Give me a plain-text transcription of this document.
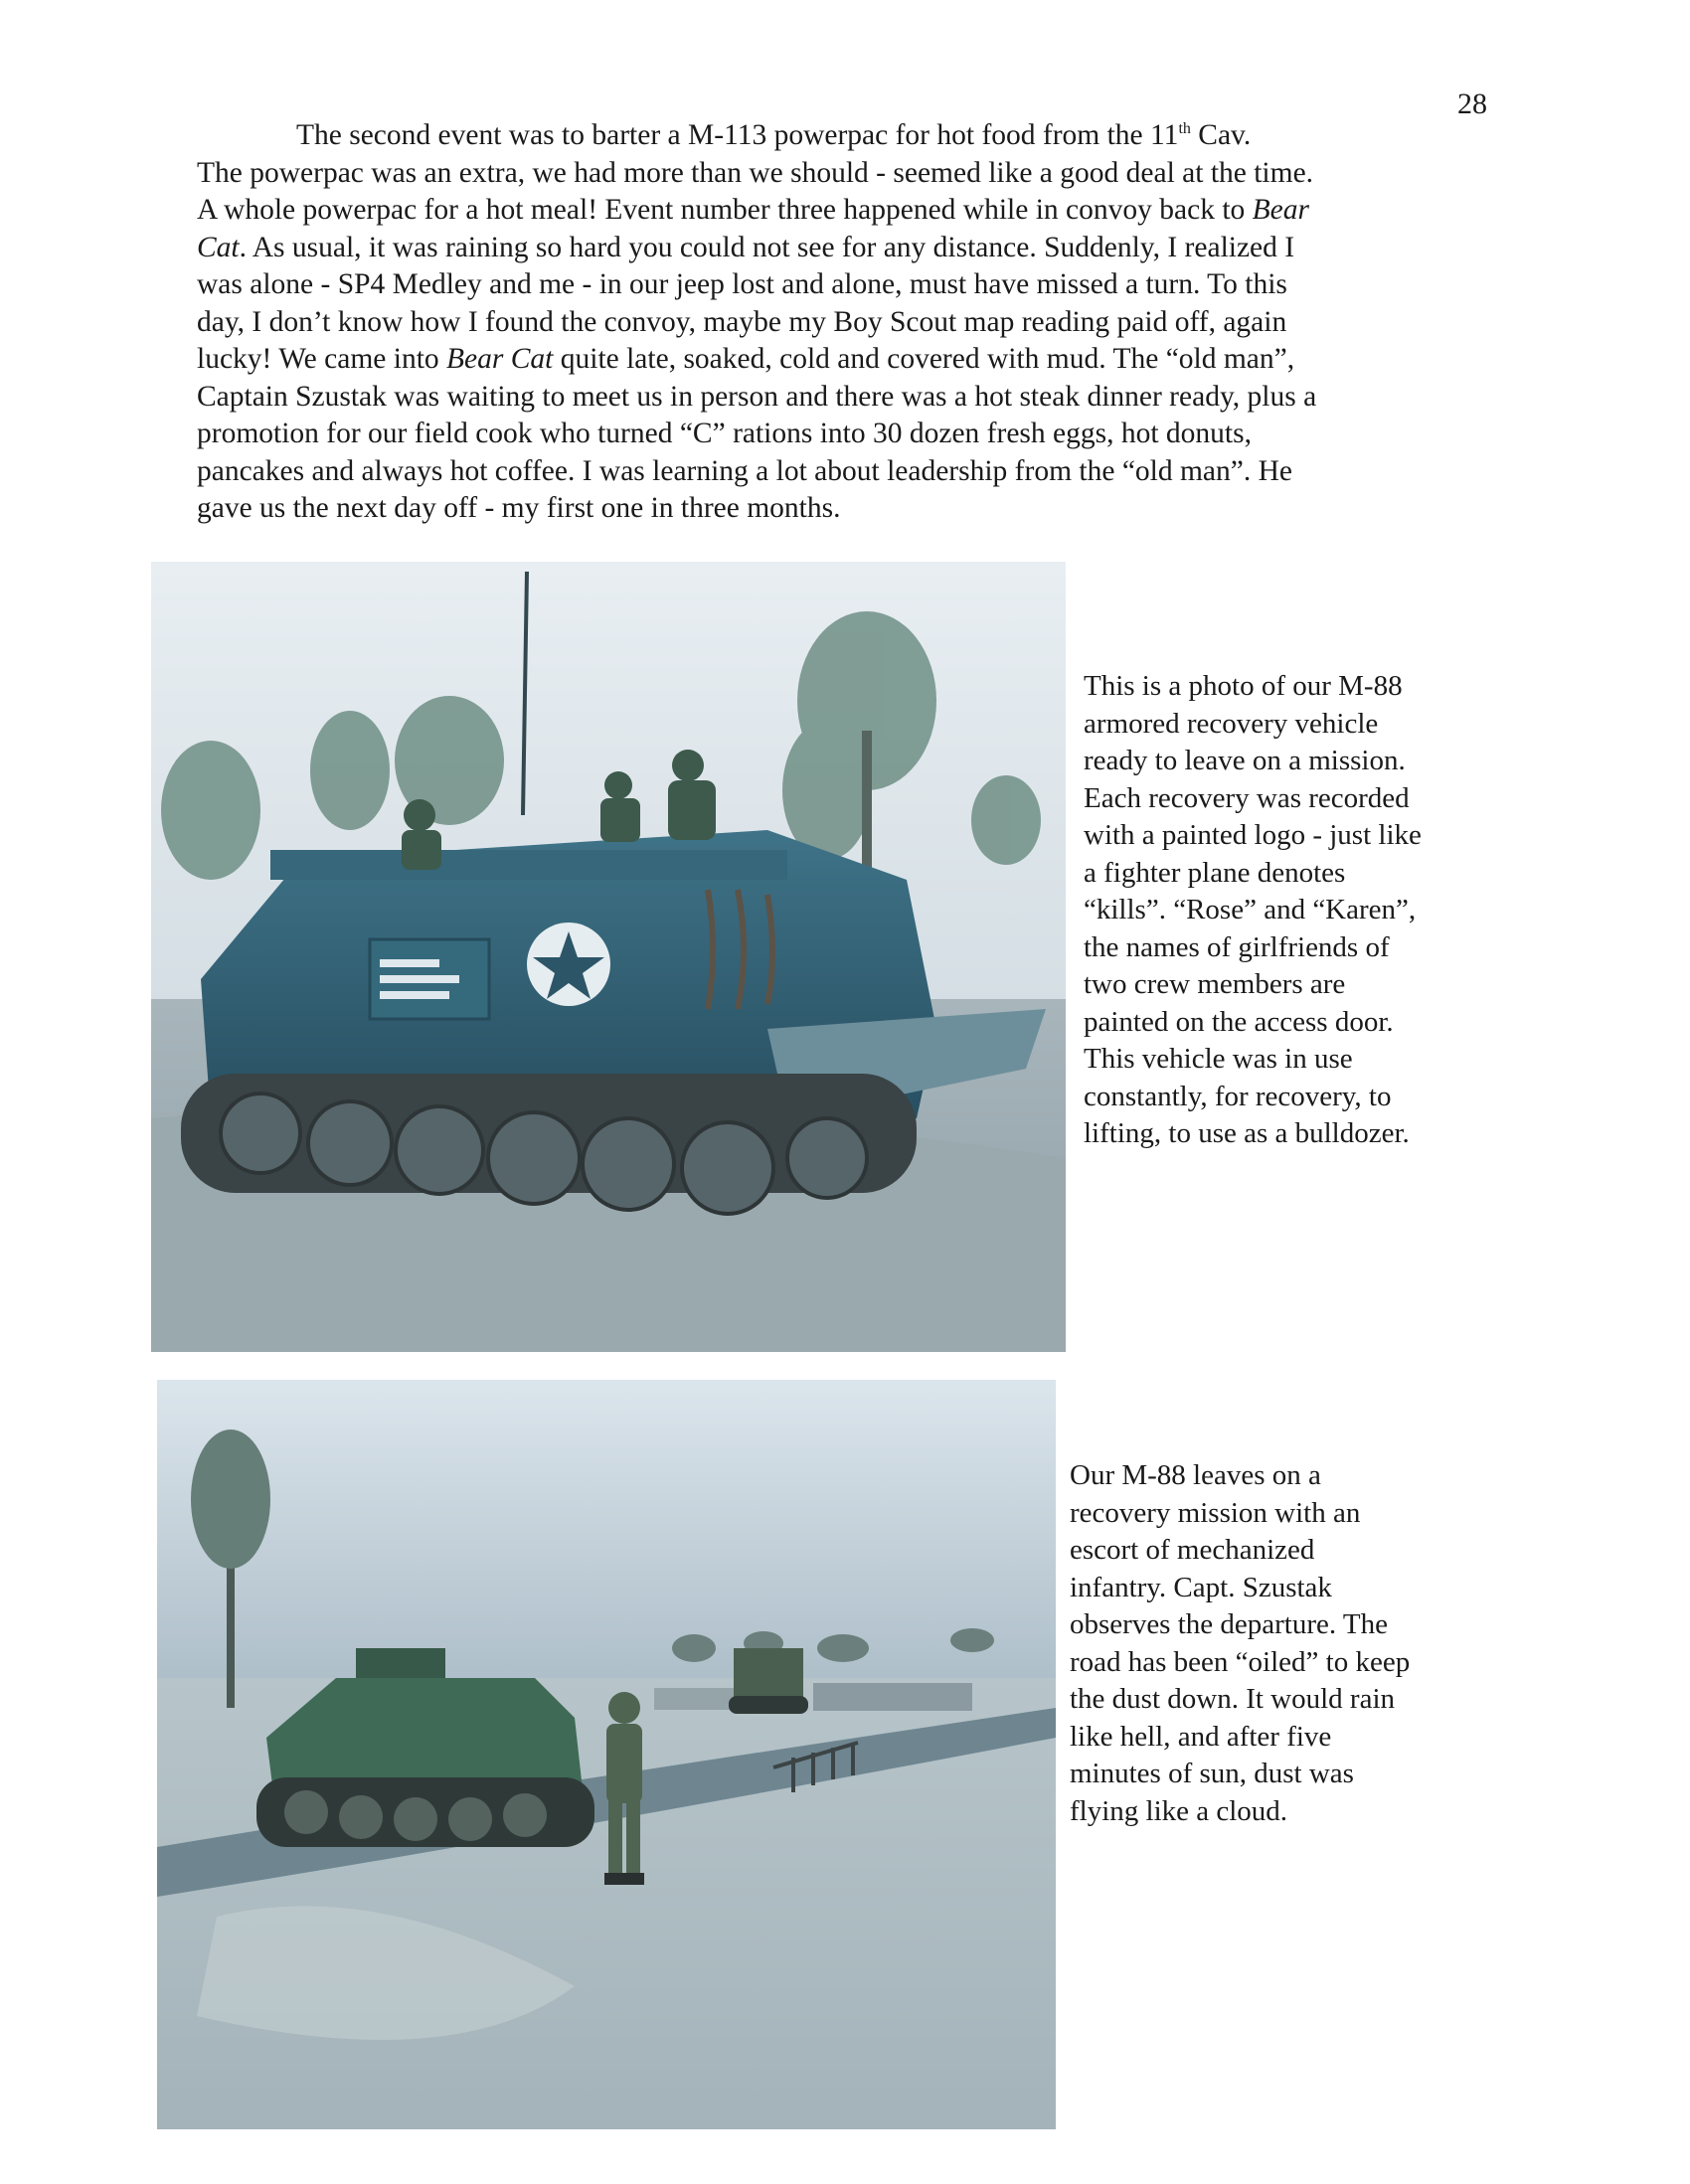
28
The second event was to barter a M-113 powerpac for hot food from the 11th Cav.
The powerpac was an extra, we had more than we should - seemed like a good deal at the time.
A whole powerpac for a hot meal! Event number three happened while in convoy back to Bear
Cat. As usual, it was raining so hard you could not see for any distance. Suddenly, I realized I
was alone - SP4 Medley and me - in our jeep lost and alone, must have missed a turn. To this
day, I don’t know how I found the convoy, maybe my Boy Scout map reading paid off, again
lucky! We came into Bear Cat quite late, soaked, cold and covered with mud. The “old man”,
Captain Szustak was waiting to meet us in person and there was a hot steak dinner ready, plus a
promotion for our field cook who turned “C” rations into 30 dozen fresh eggs, hot donuts,
pancakes and always hot coffee. I was learning a lot about leadership from the “old man”. He
gave us the next day off - my first one in three months.
This is a photo of our M-88
armored recovery vehicle
ready to leave on a mission.
Each recovery was recorded
with a painted logo - just like
a fighter plane denotes
“kills”. “Rose” and “Karen”,
the names of girlfriends of
two crew members are
painted on the access door.
This vehicle was in use
constantly, for recovery, to
lifting, to use as a bulldozer.
Our M-88 leaves on a
recovery mission with an
escort of mechanized
infantry. Capt. Szustak
observes the departure. The
road has been “oiled” to keep
the dust down. It would rain
like hell, and after five
minutes of sun, dust was
flying like a cloud.
